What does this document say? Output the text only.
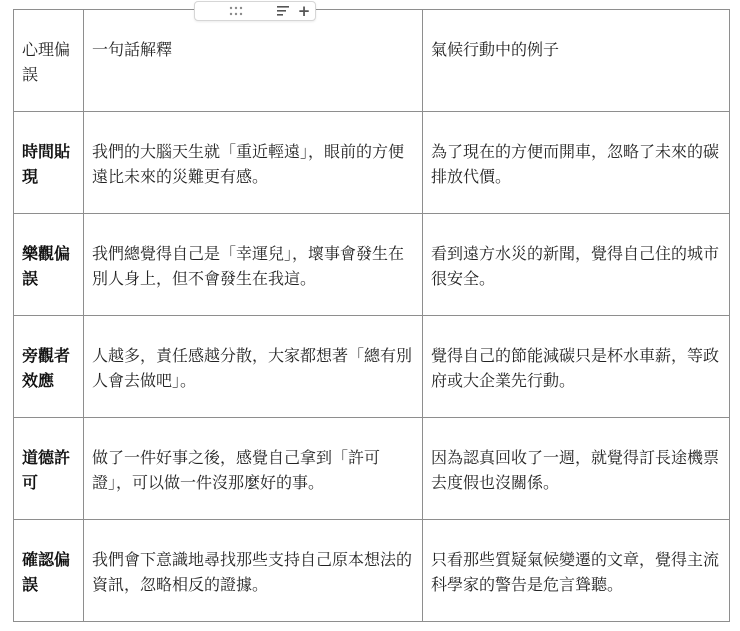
+
心理偏誤	一句話解釋	氣候行動中的例子
時間貼現	我們的大腦天生就「重近輕遠」，眼前的方便遠比未來的災難更有感。	為了現在的方便而開車，忽略了未來的碳排放代價。
樂觀偏誤	我們總覺得自己是「幸運兒」，壞事會發生在別人身上，但不會發生在我這。	看到遠方水災的新聞，覺得自己住的城市很安全。
旁觀者效應	人越多，責任感越分散，大家都想著「總有別人會去做吧」。	覺得自己的節能減碳只是杯水車薪，等政府或大企業先行動。
道德許可	做了一件好事之後，感覺自己拿到「許可證」，可以做一件沒那麼好的事。	因為認真回收了一週，就覺得訂長途機票去度假也沒關係。
確認偏誤	我們會下意識地尋找那些支持自己原本想法的資訊，忽略相反的證據。	只看那些質疑氣候變遷的文章，覺得主流科學家的警告是危言聳聽。
